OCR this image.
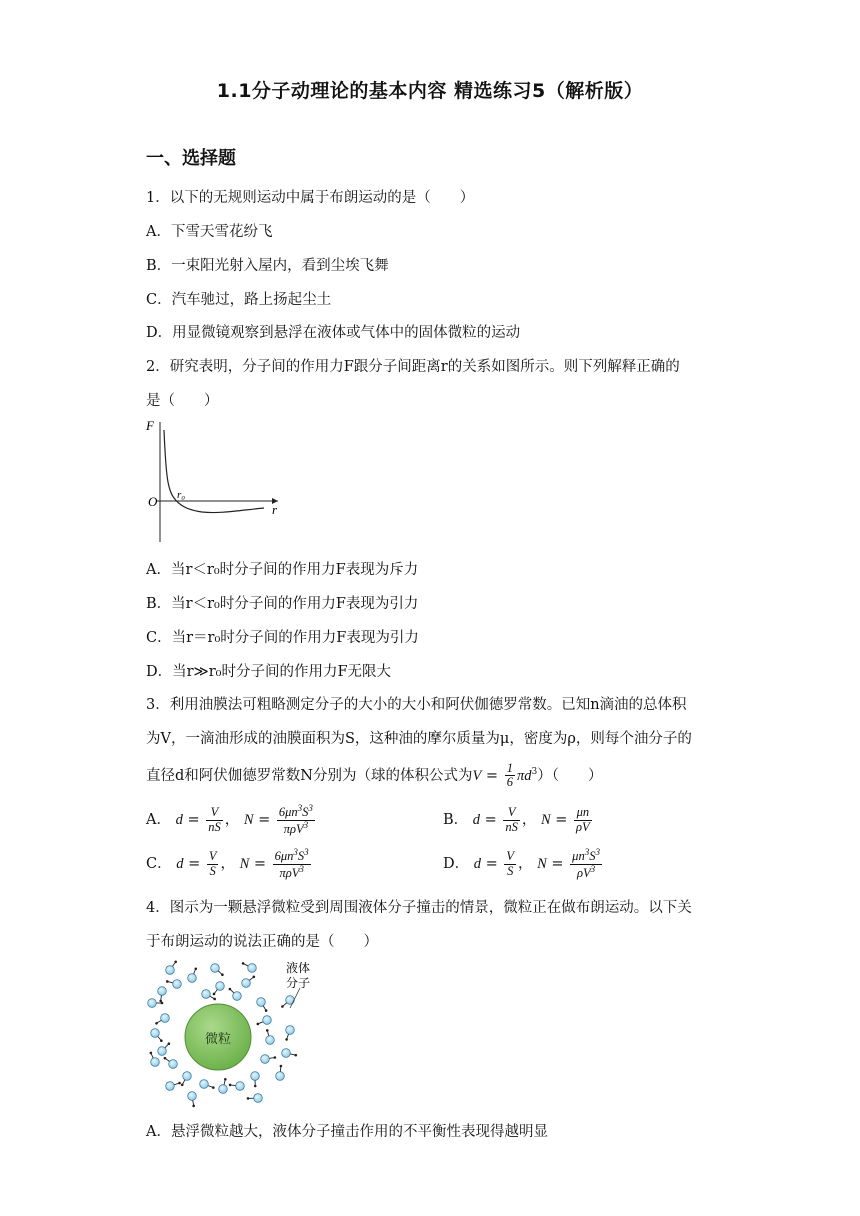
1.1分子动理论的基本内容 精选练习5（解析版）
一、选择题
1．以下的无规则运动中属于布朗运动的是（　　）
A．下雪天雪花纷飞
B．一束阳光射入屋内，看到尘埃飞舞
C．汽车驰过，路上扬起尘土
D．用显微镜观察到悬浮在液体或气体中的固体微粒的运动
2．研究表明，分子间的作用力F跟分子间距离r的关系如图所示。则下列解释正确的
是（　　）
F
O r₀
r
A．当r＜r₀时分子间的作用力F表现为斥力
B．当r＜r₀时分子间的作用力F表现为引力
C．当r＝r₀时分子间的作用力F表现为引力
D．当r≫r₀时分子间的作用力F无限大
3．利用油膜法可粗略测定分子的大小的大小和阿伏伽德罗常数。已知n滴油的总体积
为V，一滴油形成的油膜面积为S，这种油的摩尔质量为μ，密度为ρ，则每个油分子的
直径d和阿伏伽德罗常数N分别为（球的体积公式为$V = \frac{1}{6} \pi d^3$）（　　）
A． $d = \frac{V}{nS}$ ， $N = \frac{6\mu n^3S^3}{\pi\rho V^3}$	B． $d = \frac{V}{nS}$ ， $N = \frac{\mu n}{\rho V}$
C． $d = \frac{V}{S}$ ， $N = \frac{6\mu n^3S^3}{\pi\rho V^3}$	D． $d = \frac{V}{S}$ ， $N = \frac{\mu n^3S^3}{\rho V^3}$
4．图示为一颗悬浮微粒受到周围液体分子撞击的情景，微粒正在做布朗运动。以下关
于布朗运动的说法正确的是（　　）
微粒
液体
分子
A．悬浮微粒越大，液体分子撞击作用的不平衡性表现得越明显
